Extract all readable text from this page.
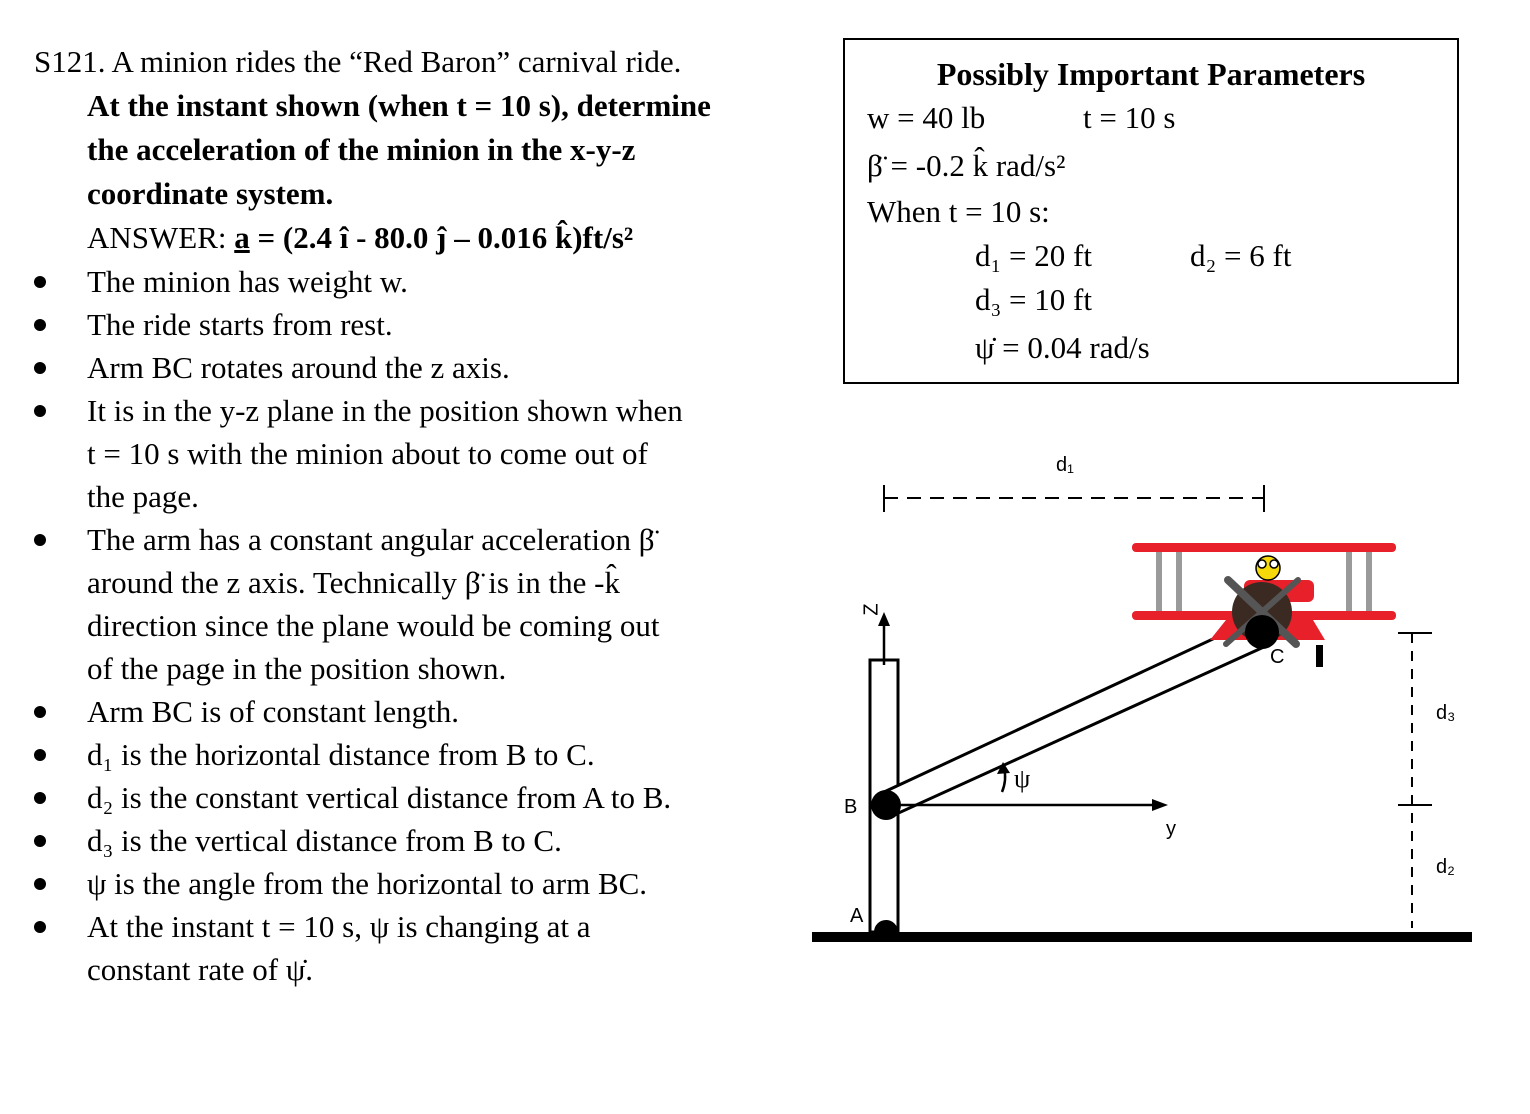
S121. A minion rides the “Red Baron” carnival ride.
At the instant shown (when t = 10 s), determine
the acceleration of the minion in the x-y-z
coordinate system.
ANSWER: a = (2.4 î - 80.0 ĵ – 0.016 k̂)ft/s²
The minion has weight w.
The ride starts from rest.
Arm BC rotates around the z axis.
It is in the y-z plane in the position shown when
t = 10 s with the minion about to come out of
the page.
The arm has a constant angular acceleration β̈
around the z axis. Technically β̈ is in the -k̂
direction since the plane would be coming out
of the page in the position shown.
Arm BC is of constant length.
d₁ is the horizontal distance from B to C.
d₂ is the constant vertical distance from A to B.
d₃ is the vertical distance from B to C.
ψ is the angle from the horizontal to arm BC.
At the instant t = 10 s, ψ is changing at a
constant rate of ψ̇.
Possibly Important Parameters
w = 40 lb	t = 10 s
β̈ = -0.2 k̂ rad/s²
When t = 10 s:
d₁ = 20 ft	d₂ = 6 ft
d₃ = 10 ft
ψ̇ = 0.04 rad/s
d₁
d₃
d₂
Z
y
A
B
C
ψ
